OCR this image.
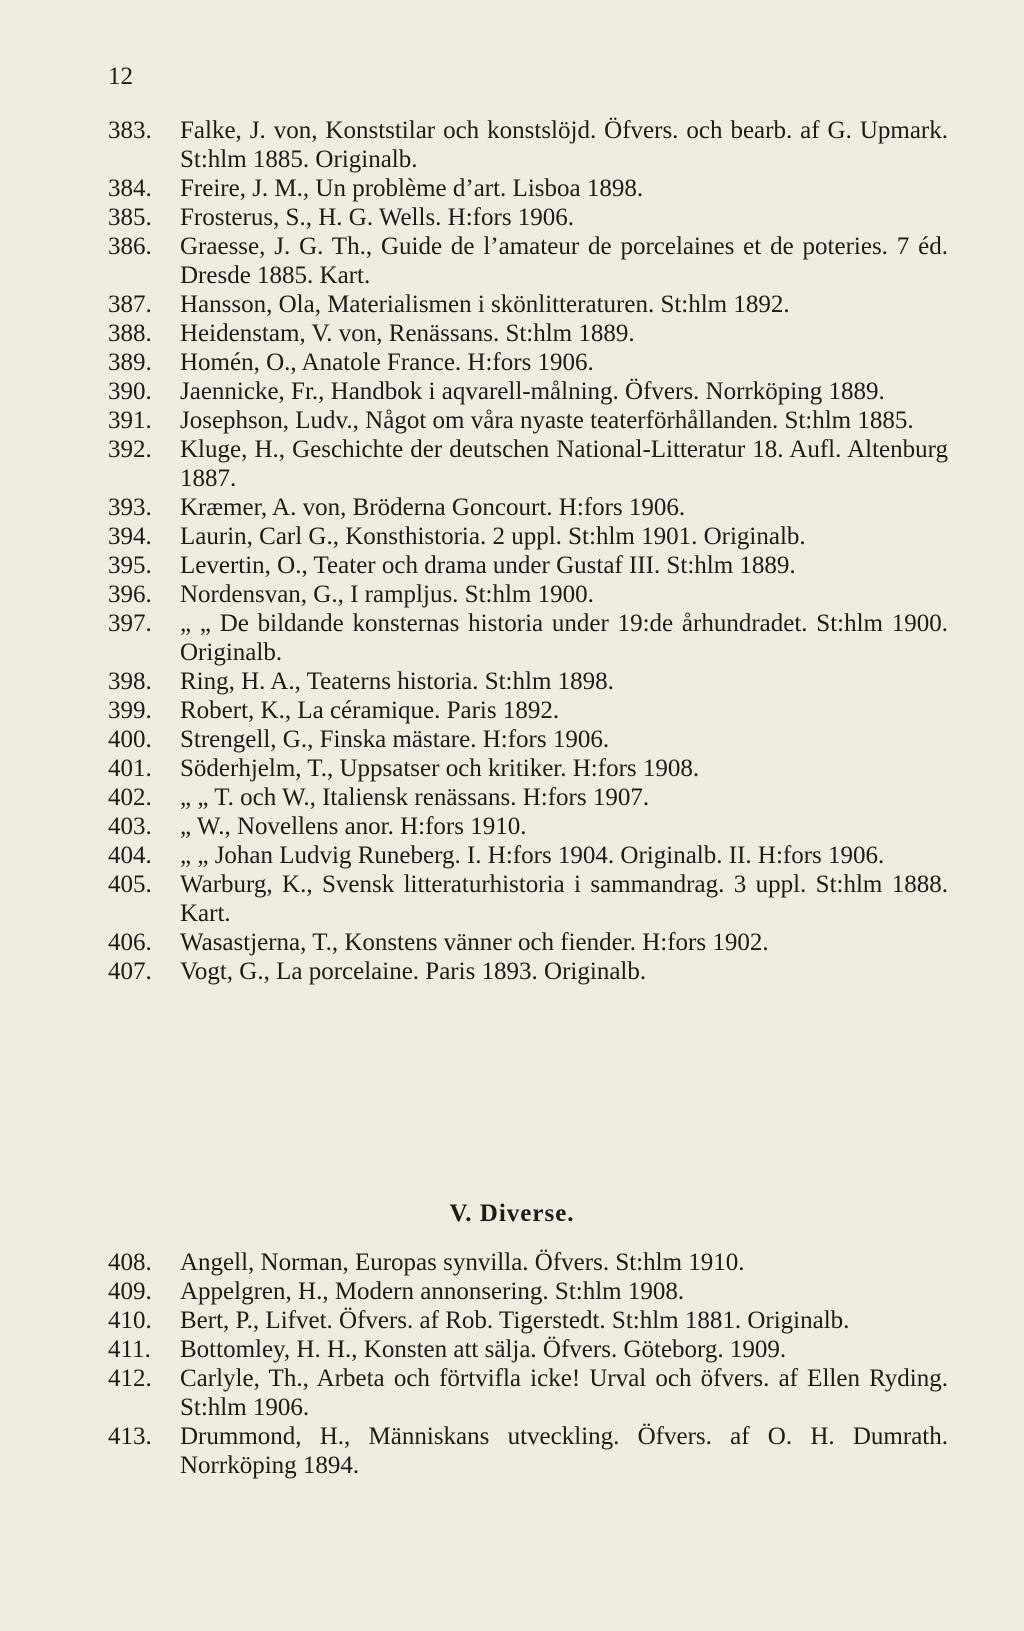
12
383. Falke, J. von, Konststilar och konstslöjd. Öfvers. och bearb. af G. Upmark. St:hlm 1885. Originalb.
384. Freire, J. M., Un problème d’art. Lisboa 1898.
385. Frosterus, S., H. G. Wells. H:fors 1906.
386. Graesse, J. G. Th., Guide de l’amateur de porcelaines et de poteries. 7 éd. Dresde 1885. Kart.
387. Hansson, Ola, Materialismen i skönlitteraturen. St:hlm 1892.
388. Heidenstam, V. von, Renässans. St:hlm 1889.
389. Homén, O., Anatole France. H:fors 1906.
390. Jaennicke, Fr., Handbok i aqvarell-målning. Öfvers. Norrköping 1889.
391. Josephson, Ludv., Något om våra nyaste teaterförhållanden. St:hlm 1885.
392. Kluge, H., Geschichte der deutschen National-Litteratur 18. Aufl. Altenburg 1887.
393. Kræmer, A. von, Bröderna Goncourt. H:fors 1906.
394. Laurin, Carl G., Konsthistoria. 2 uppl. St:hlm 1901. Originalb.
395. Levertin, O., Teater och drama under Gustaf III. St:hlm 1889.
396. Nordensvan, G., I rampljus. St:hlm 1900.
397. „ „ De bildande konsternas historia under 19:de århundradet. St:hlm 1900. Originalb.
398. Ring, H. A., Teaterns historia. St:hlm 1898.
399. Robert, K., La céramique. Paris 1892.
400. Strengell, G., Finska mästare. H:fors 1906.
401. Söderhjelm, T., Uppsatser och kritiker. H:fors 1908.
402. „ „ T. och W., Italiensk renässans. H:fors 1907.
403. „ W., Novellens anor. H:fors 1910.
404. „ „ Johan Ludvig Runeberg. I. H:fors 1904. Originalb. II. H:fors 1906.
405. Warburg, K., Svensk litteraturhistoria i sammandrag. 3 uppl. St:hlm 1888. Kart.
406. Wasastjerna, T., Konstens vänner och fiender. H:fors 1902.
407. Vogt, G., La porcelaine. Paris 1893. Originalb.
V. Diverse.
408. Angell, Norman, Europas synvilla. Öfvers. St:hlm 1910.
409. Appelgren, H., Modern annonsering. St:hlm 1908.
410. Bert, P., Lifvet. Öfvers. af Rob. Tigerstedt. St:hlm 1881. Originalb.
411. Bottomley, H. H., Konsten att sälja. Öfvers. Göteborg. 1909.
412. Carlyle, Th., Arbeta och förtvifla icke! Urval och öfvers. af Ellen Ryding. St:hlm 1906.
413. Drummond, H., Människans utveckling. Öfvers. af O. H. Dumrath. Norrköping 1894.
